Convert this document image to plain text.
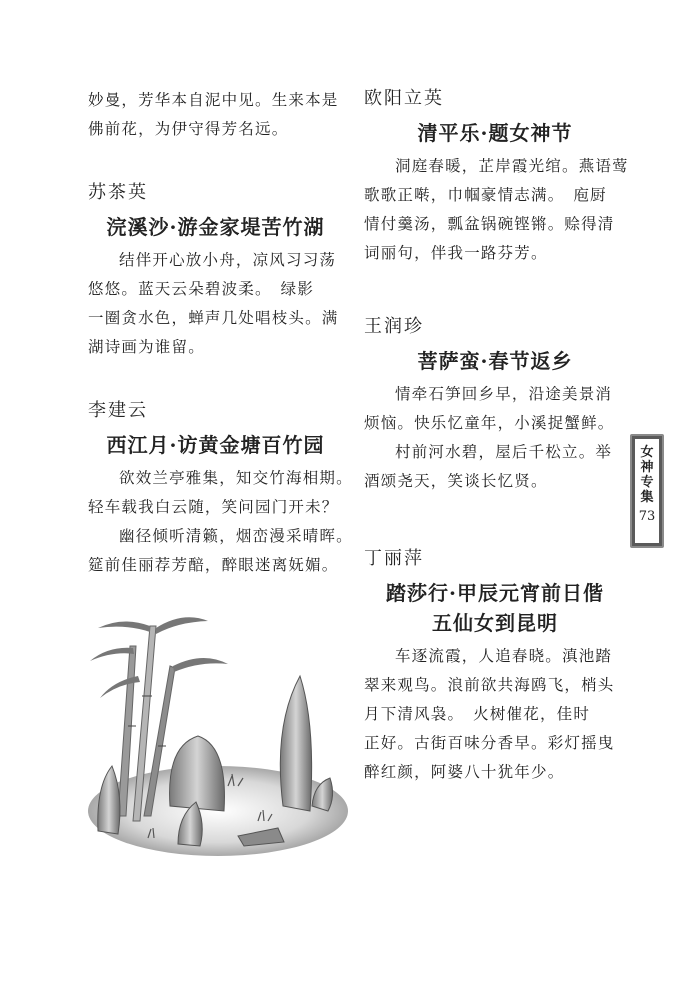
妙曼，芳华本自泥中见。生来本是

佛前花，为伊守得芳名远。

苏茶英
浣溪沙·游金家堤苦竹湖

结伴开心放小舟，凉风习习荡

悠悠。蓝天云朵碧波柔。　绿影

一圈贪水色，蝉声几处唱枝头。满

湖诗画为谁留。

李建云
西江月·访黄金塘百竹园

欲效兰亭雅集，知交竹海相期。

轻车载我白云随，笑问园门开未？

幽径倾听清籁，烟峦漫采晴晖。

筵前佳丽荐芳醅，醉眼迷离妩媚。

欧阳立英
清平乐·题女神节

洞庭春暖，芷岸霞光绾。燕语莺

歌歌正啭，巾帼豪情志满。　庖厨

情付羹汤，瓢盆锅碗铿锵。赊得清

词丽句，伴我一路芬芳。

王润珍
菩萨蛮·春节返乡

情牵石笋回乡早，沿途美景消

烦恼。快乐忆童年，小溪捉蟹鲜。

村前河水碧，屋后千松立。举

酒颂尧天，笑谈长忆贤。

丁丽萍
踏莎行·甲辰元宵前日偕
五仙女到昆明

车逐流霞，人追春晓。滇池踏

翠来观鸟。浪前欲共海鸥飞，梢头

月下清风袅。　火树催花，佳时

正好。古街百味分香早。彩灯摇曳

醉红颜，阿婆八十犹年少。

女神专集
73
